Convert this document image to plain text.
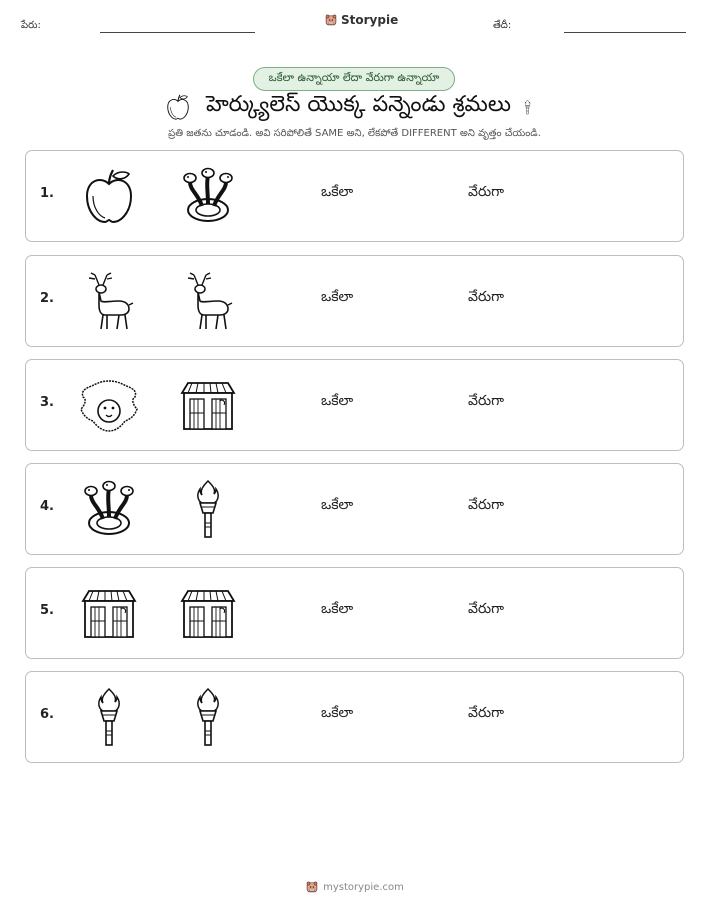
పేరు:	Storypie	తేదీ:
ఒకేలా ఉన్నాయా లేదా వేరుగా ఉన్నాయా
హెర్క్యులెస్ యొక్క పన్నెండు శ్రమలు
ప్రతి జతను చూడండి. అవి సరిపోలితే SAME అని, లేకపోతే DIFFERENT అని వృత్తం చేయండి.
1.	ఒకేలా	వేరుగా
2.	ఒకేలా	వేరుగా
3.	ఒకేలా	వేరుగా
4.	ఒకేలా	వేరుగా
5.	ఒకేలా	వేరుగా
6.	ఒకేలా	వేరుగా
mystorypie.com
